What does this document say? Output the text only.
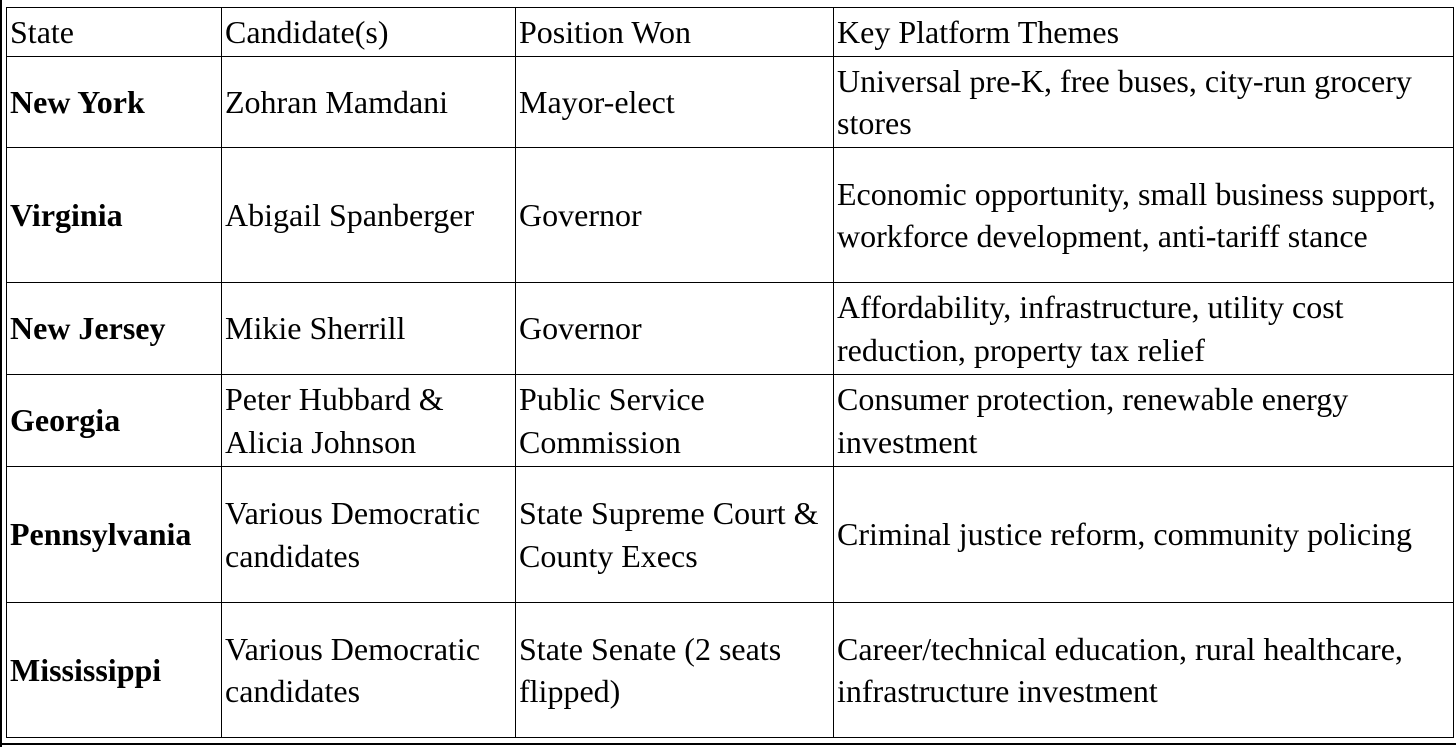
State	Candidate(s)	Position Won	Key Platform Themes
New York	Zohran Mamdani	Mayor-elect	Universal pre-K, free buses, city-run grocery stores
Virginia	Abigail Spanberger	Governor	Economic opportunity, small business support, workforce development, anti-tariff stance
New Jersey	Mikie Sherrill	Governor	Affordability, infrastructure, utility cost reduction, property tax relief
Georgia	Peter Hubbard & Alicia Johnson	Public Service Commission	Consumer protection, renewable energy investment
Pennsylvania	Various Democratic candidates	State Supreme Court & County Execs	Criminal justice reform, community policing
Mississippi	Various Democratic candidates	State Senate (2 seats flipped)	Career/technical education, rural healthcare, infrastructure investment
